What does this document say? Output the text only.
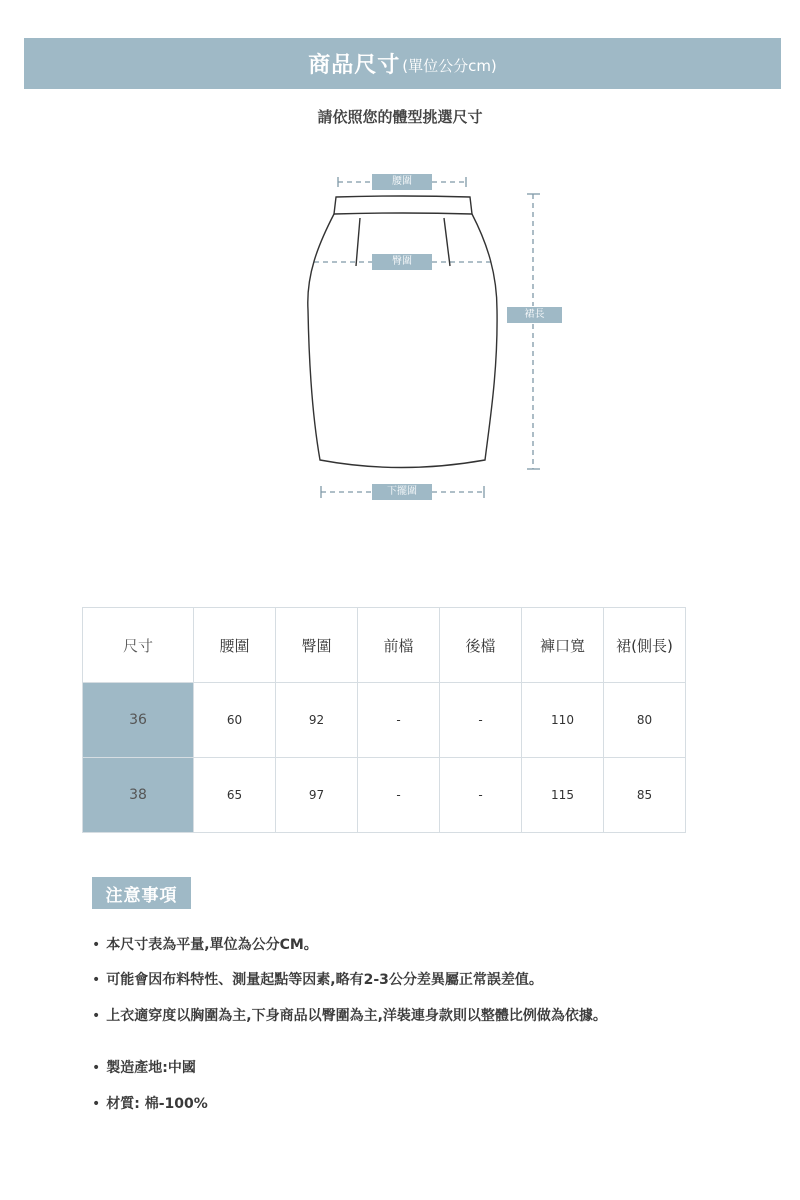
商品尺寸 (單位公分cm)
請依照您的體型挑選尺寸
腰圍
臀圍
裙長
下擺圍
尺寸	腰圍	臀圍	前檔	後檔	褲口寬	裙(側長)
36	60	92	-	-	110	80
38	65	97	-	-	115	85
注意事項
• 本尺寸表為平量,單位為公分CM。
• 可能會因布料特性、測量起點等因素,略有2-3公分差異屬正常誤差值。
• 上衣適穿度以胸圍為主,下身商品以臀圍為主,洋裝連身款則以整體比例做為依據。
• 製造產地:中國
• 材質: 棉-100%
